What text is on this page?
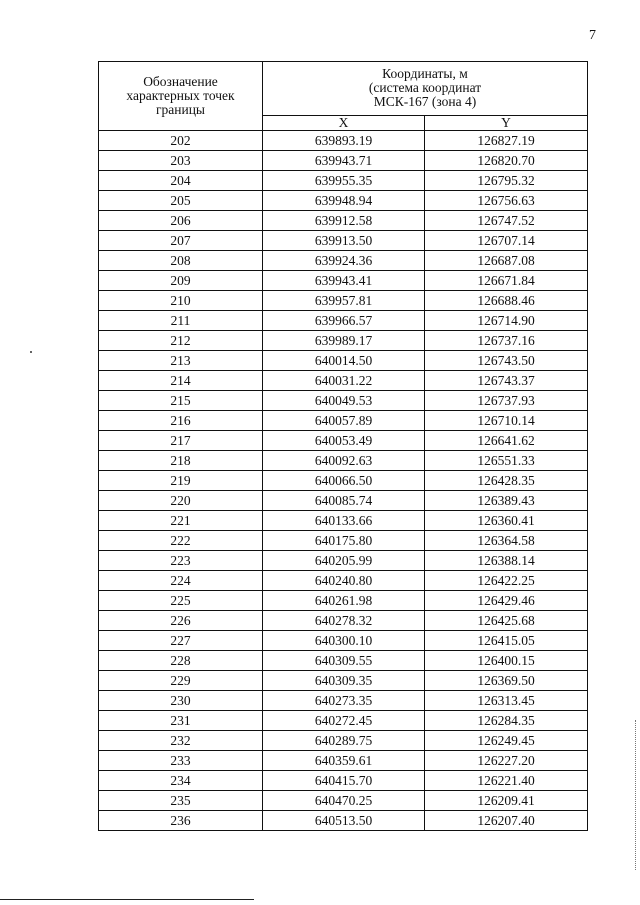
7
Обозначение
характерных точек
границы	Координаты, м
(система координат
МСК-167 (зона 4)	

	X	Y
202	639893.19	126827.19
203	639943.71	126820.70
204	639955.35	126795.32
205	639948.94	126756.63
206	639912.58	126747.52
207	639913.50	126707.14
208	639924.36	126687.08
209	639943.41	126671.84
210	639957.81	126688.46
211	639966.57	126714.90
212	639989.17	126737.16
213	640014.50	126743.50
214	640031.22	126743.37
215	640049.53	126737.93
216	640057.89	126710.14
217	640053.49	126641.62
218	640092.63	126551.33
219	640066.50	126428.35
220	640085.74	126389.43
221	640133.66	126360.41
222	640175.80	126364.58
223	640205.99	126388.14
224	640240.80	126422.25
225	640261.98	126429.46
226	640278.32	126425.68
227	640300.10	126415.05
228	640309.55	126400.15
229	640309.35	126369.50
230	640273.35	126313.45
231	640272.45	126284.35
232	640289.75	126249.45
233	640359.61	126227.20
234	640415.70	126221.40
235	640470.25	126209.41
236	640513.50	126207.40
